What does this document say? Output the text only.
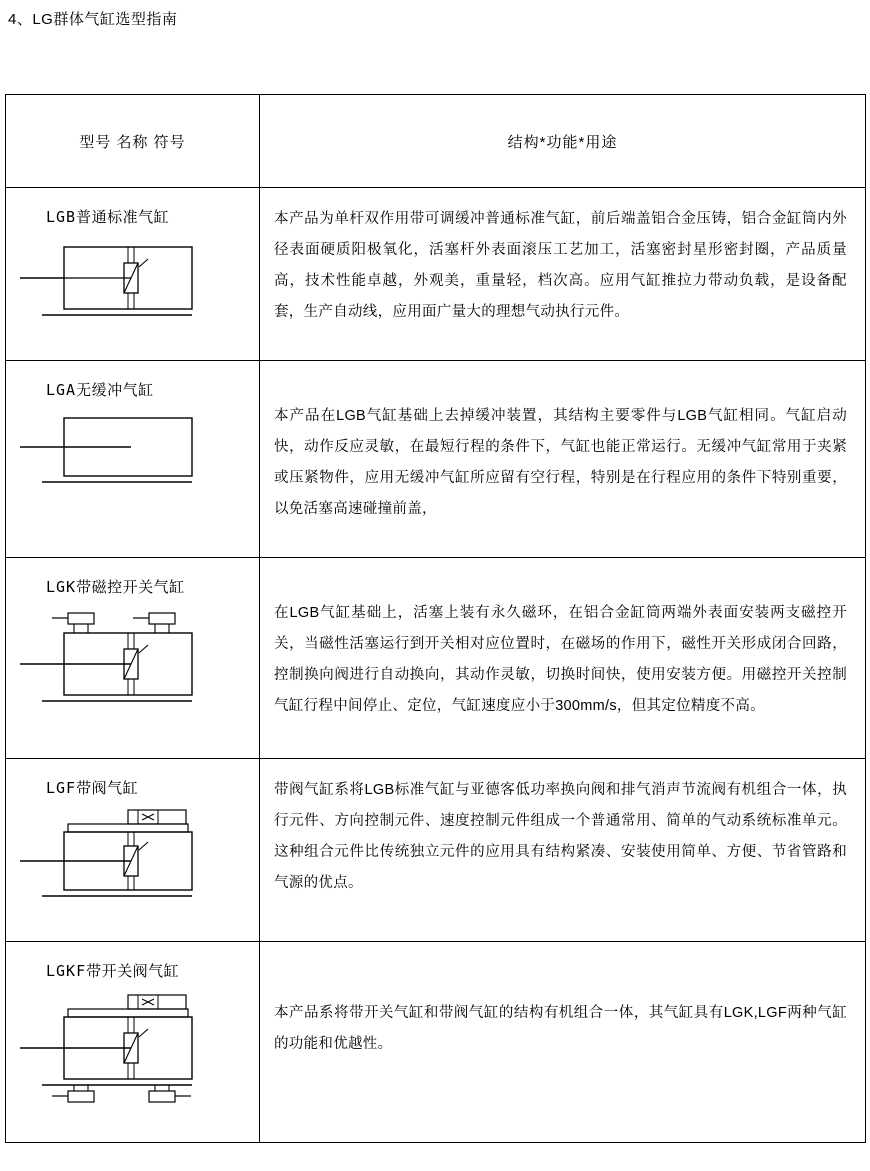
4、LG群体气缸选型指南
型号 名称 符号	结构*功能*用途

LGB普通标准气缸	本产品为单杆双作用带可调缓冲普通标准气缸，前后端盖铝合金压铸，铝合金缸筒内外径表面硬质阳极氧化，活塞杆外表面滚压工艺加工，活塞密封星形密封圈，产品质量高，技术性能卓越，外观美，重量轻，档次高。应用气缸推拉力带动负载，是设备配套，生产自动线，应用面广量大的理想气动执行元件。

LGA无缓冲气缸	本产品在LGB气缸基础上去掉缓冲装置，其结构主要零件与LGB气缸相同。气缸启动快，动作反应灵敏，在最短行程的条件下，气缸也能正常运行。无缓冲气缸常用于夹紧或压紧物件，应用无缓冲气缸所应留有空行程，特别是在行程应用的条件下特别重要，以免活塞高速碰撞前盖，

LGK带磁控开关气缸	在LGB气缸基础上，活塞上装有永久磁环，在铝合金缸筒两端外表面安装两支磁控开关，当磁性活塞运行到开关相对应位置时，在磁场的作用下，磁性开关形成闭合回路，控制换向阀进行自动换向，其动作灵敏，切换时间快，使用安装方便。用磁控开关控制气缸行程中间停止、定位，气缸速度应小于300mm/s，但其定位精度不高。

LGF带阀气缸	带阀气缸系将LGB标准气缸与亚德客低功率换向阀和排气消声节流阀有机组合一体，执行元件、方向控制元件、速度控制元件组成一个普通常用、简单的气动系统标准单元。这种组合元件比传统独立元件的应用具有结构紧凑、安装使用简单、方便、节省管路和气源的优点。

LGKF带开关阀气缸	本产品系将带开关气缸和带阀气缸的结构有机组合一体，其气缸具有LGK,LGF两种气缸的功能和优越性。
